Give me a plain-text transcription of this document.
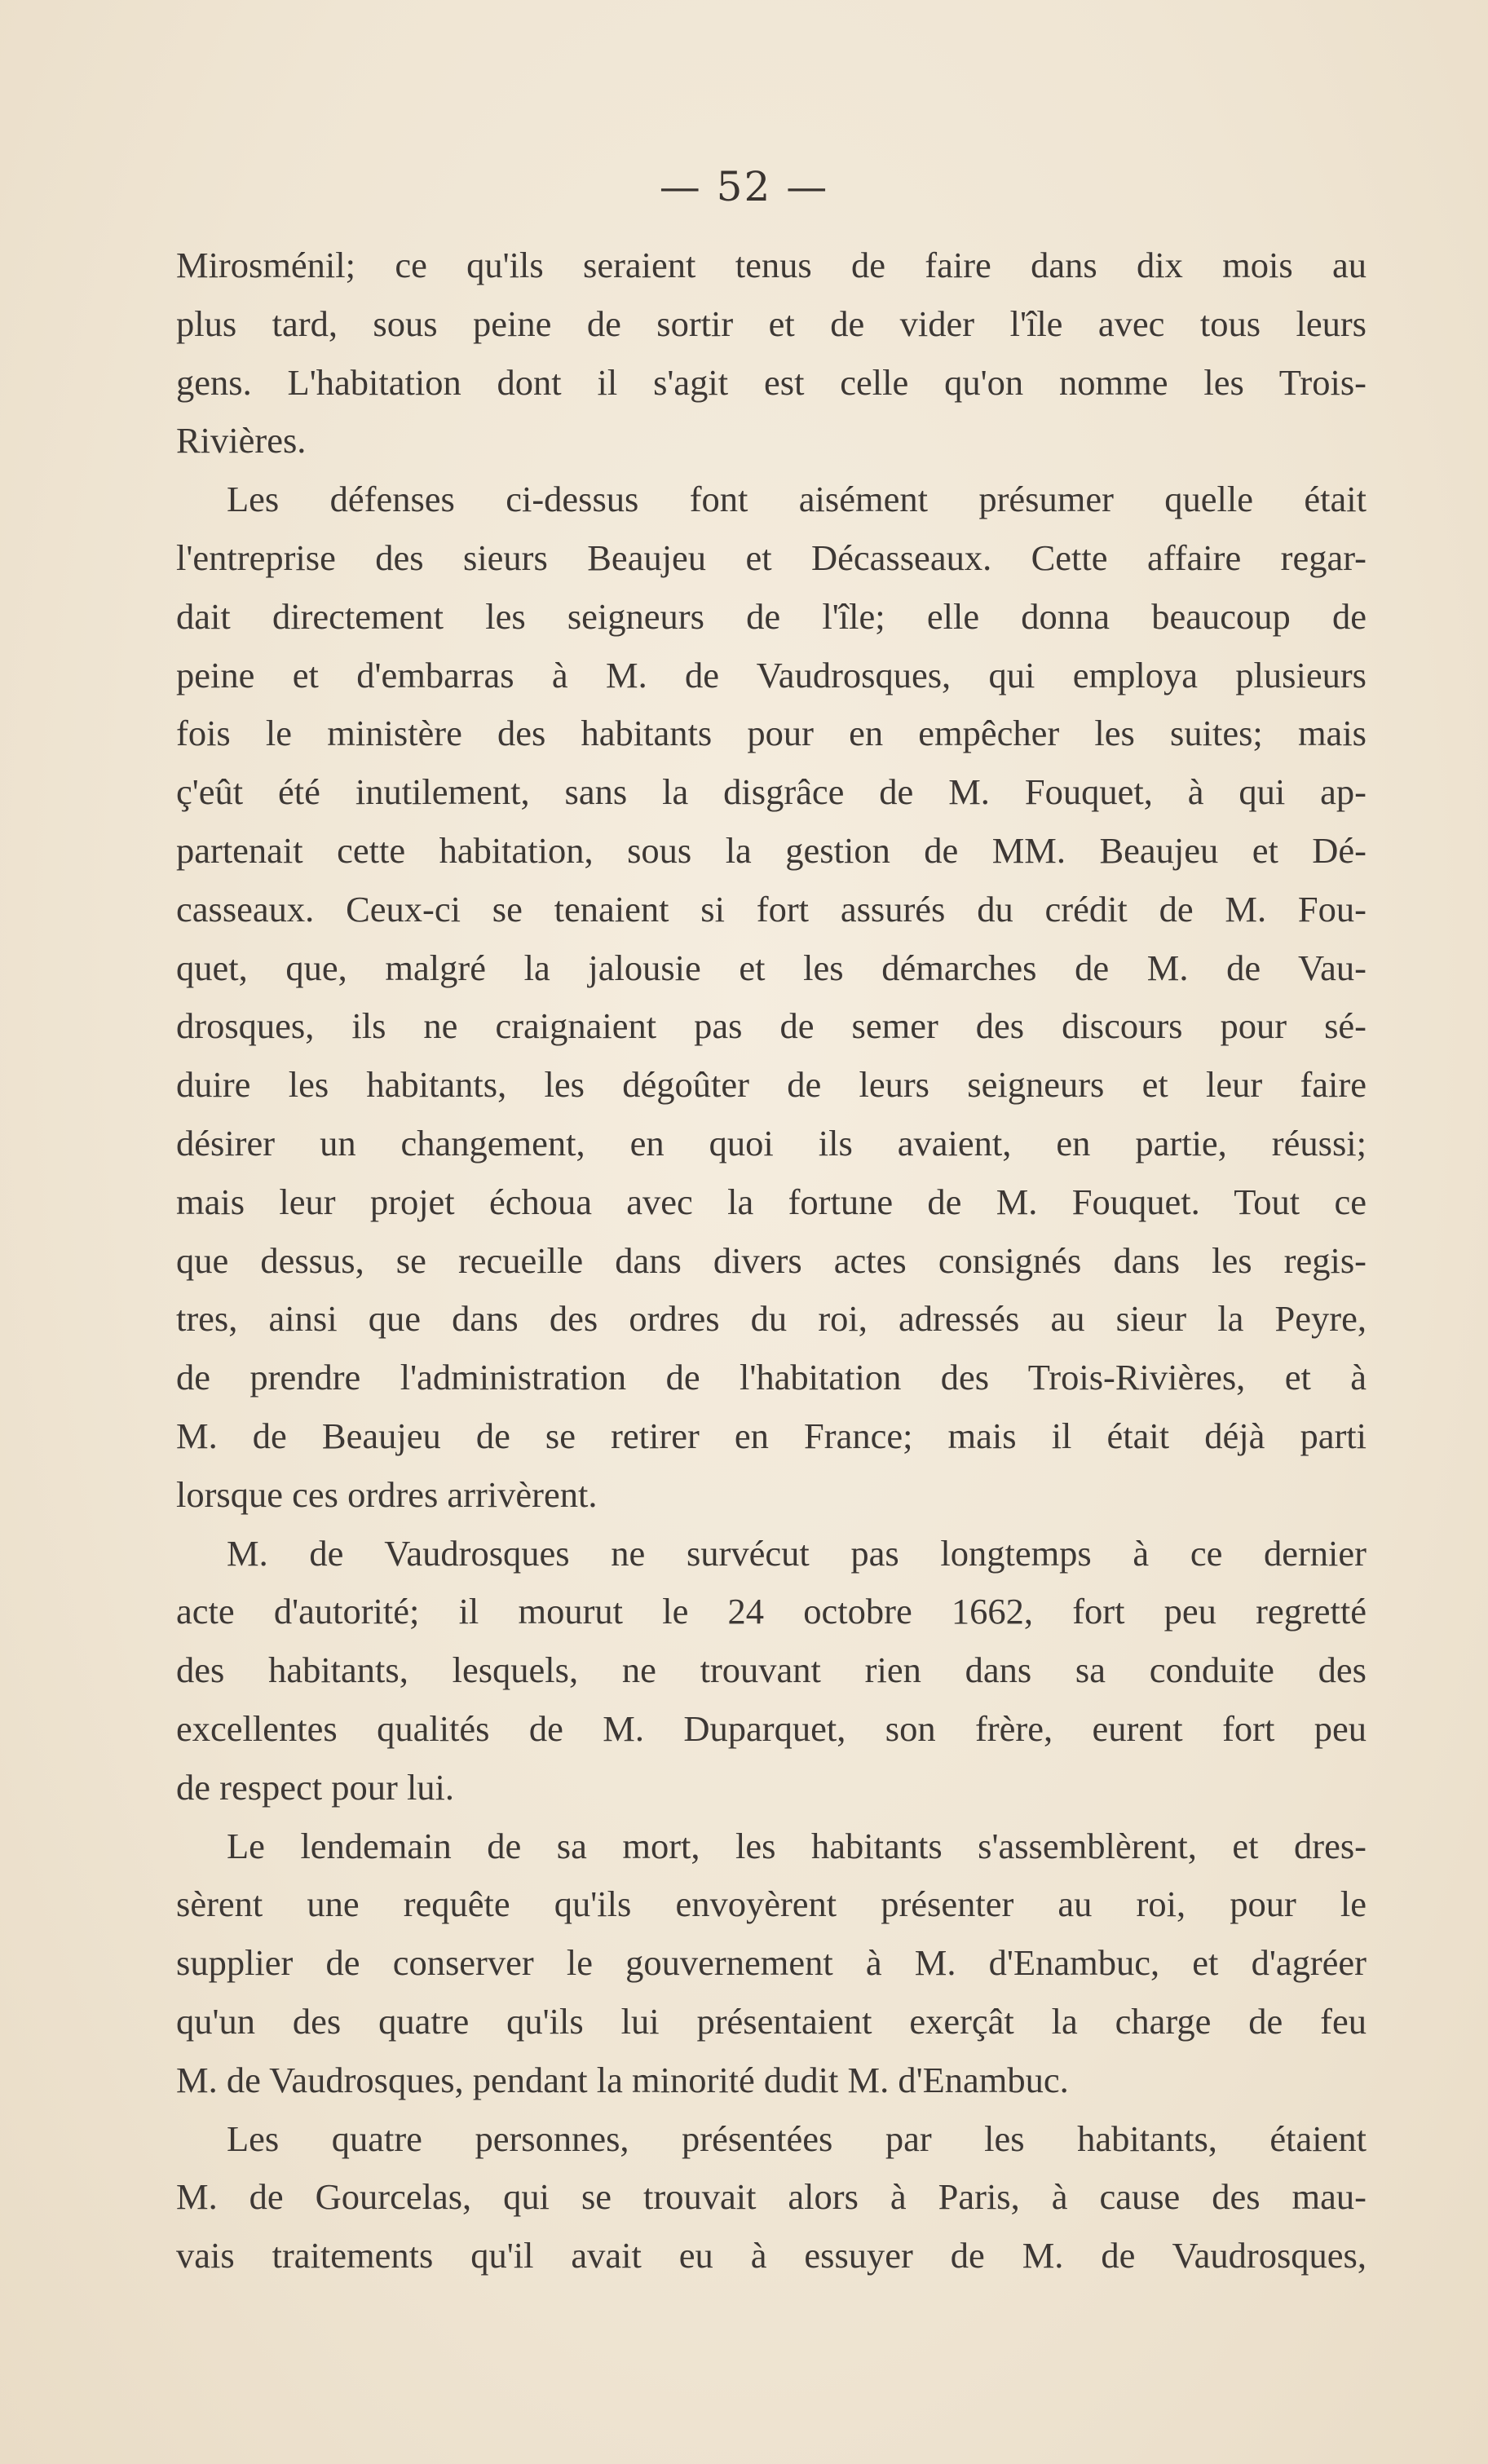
— 52 —
Mirosménil; ce qu'ils seraient tenus de faire dans dix mois au
plus tard, sous peine de sortir et de vider l'île avec tous leurs
gens. L'habitation dont il s'agit est celle qu'on nomme les Trois-
Rivières.
Les défenses ci-dessus font aisément présumer quelle était
l'entreprise des sieurs Beaujeu et Décasseaux. Cette affaire regar-
dait directement les seigneurs de l'île; elle donna beaucoup de
peine et d'embarras à M. de Vaudrosques, qui employa plusieurs
fois le ministère des habitants pour en empêcher les suites; mais
ç'eût été inutilement, sans la disgrâce de M. Fouquet, à qui ap-
partenait cette habitation, sous la gestion de MM. Beaujeu et Dé-
casseaux. Ceux-ci se tenaient si fort assurés du crédit de M. Fou-
quet, que, malgré la jalousie et les démarches de M. de Vau-
drosques, ils ne craignaient pas de semer des discours pour sé-
duire les habitants, les dégoûter de leurs seigneurs et leur faire
désirer un changement, en quoi ils avaient, en partie, réussi;
mais leur projet échoua avec la fortune de M. Fouquet. Tout ce
que dessus, se recueille dans divers actes consignés dans les regis-
tres, ainsi que dans des ordres du roi, adressés au sieur la Peyre,
de prendre l'administration de l'habitation des Trois-Rivières, et à
M. de Beaujeu de se retirer en France; mais il était déjà parti
lorsque ces ordres arrivèrent.
M. de Vaudrosques ne survécut pas longtemps à ce dernier
acte d'autorité; il mourut le 24 octobre 1662, fort peu regretté
des habitants, lesquels, ne trouvant rien dans sa conduite des
excellentes qualités de M. Duparquet, son frère, eurent fort peu
de respect pour lui.
Le lendemain de sa mort, les habitants s'assemblèrent, et dres-
sèrent une requête qu'ils envoyèrent présenter au roi, pour le
supplier de conserver le gouvernement à M. d'Enambuc, et d'agréer
qu'un des quatre qu'ils lui présentaient exerçât la charge de feu
M. de Vaudrosques, pendant la minorité dudit M. d'Enambuc.
Les quatre personnes, présentées par les habitants, étaient
M. de Gourcelas, qui se trouvait alors à Paris, à cause des mau-
vais traitements qu'il avait eu à essuyer de M. de Vaudrosques,
